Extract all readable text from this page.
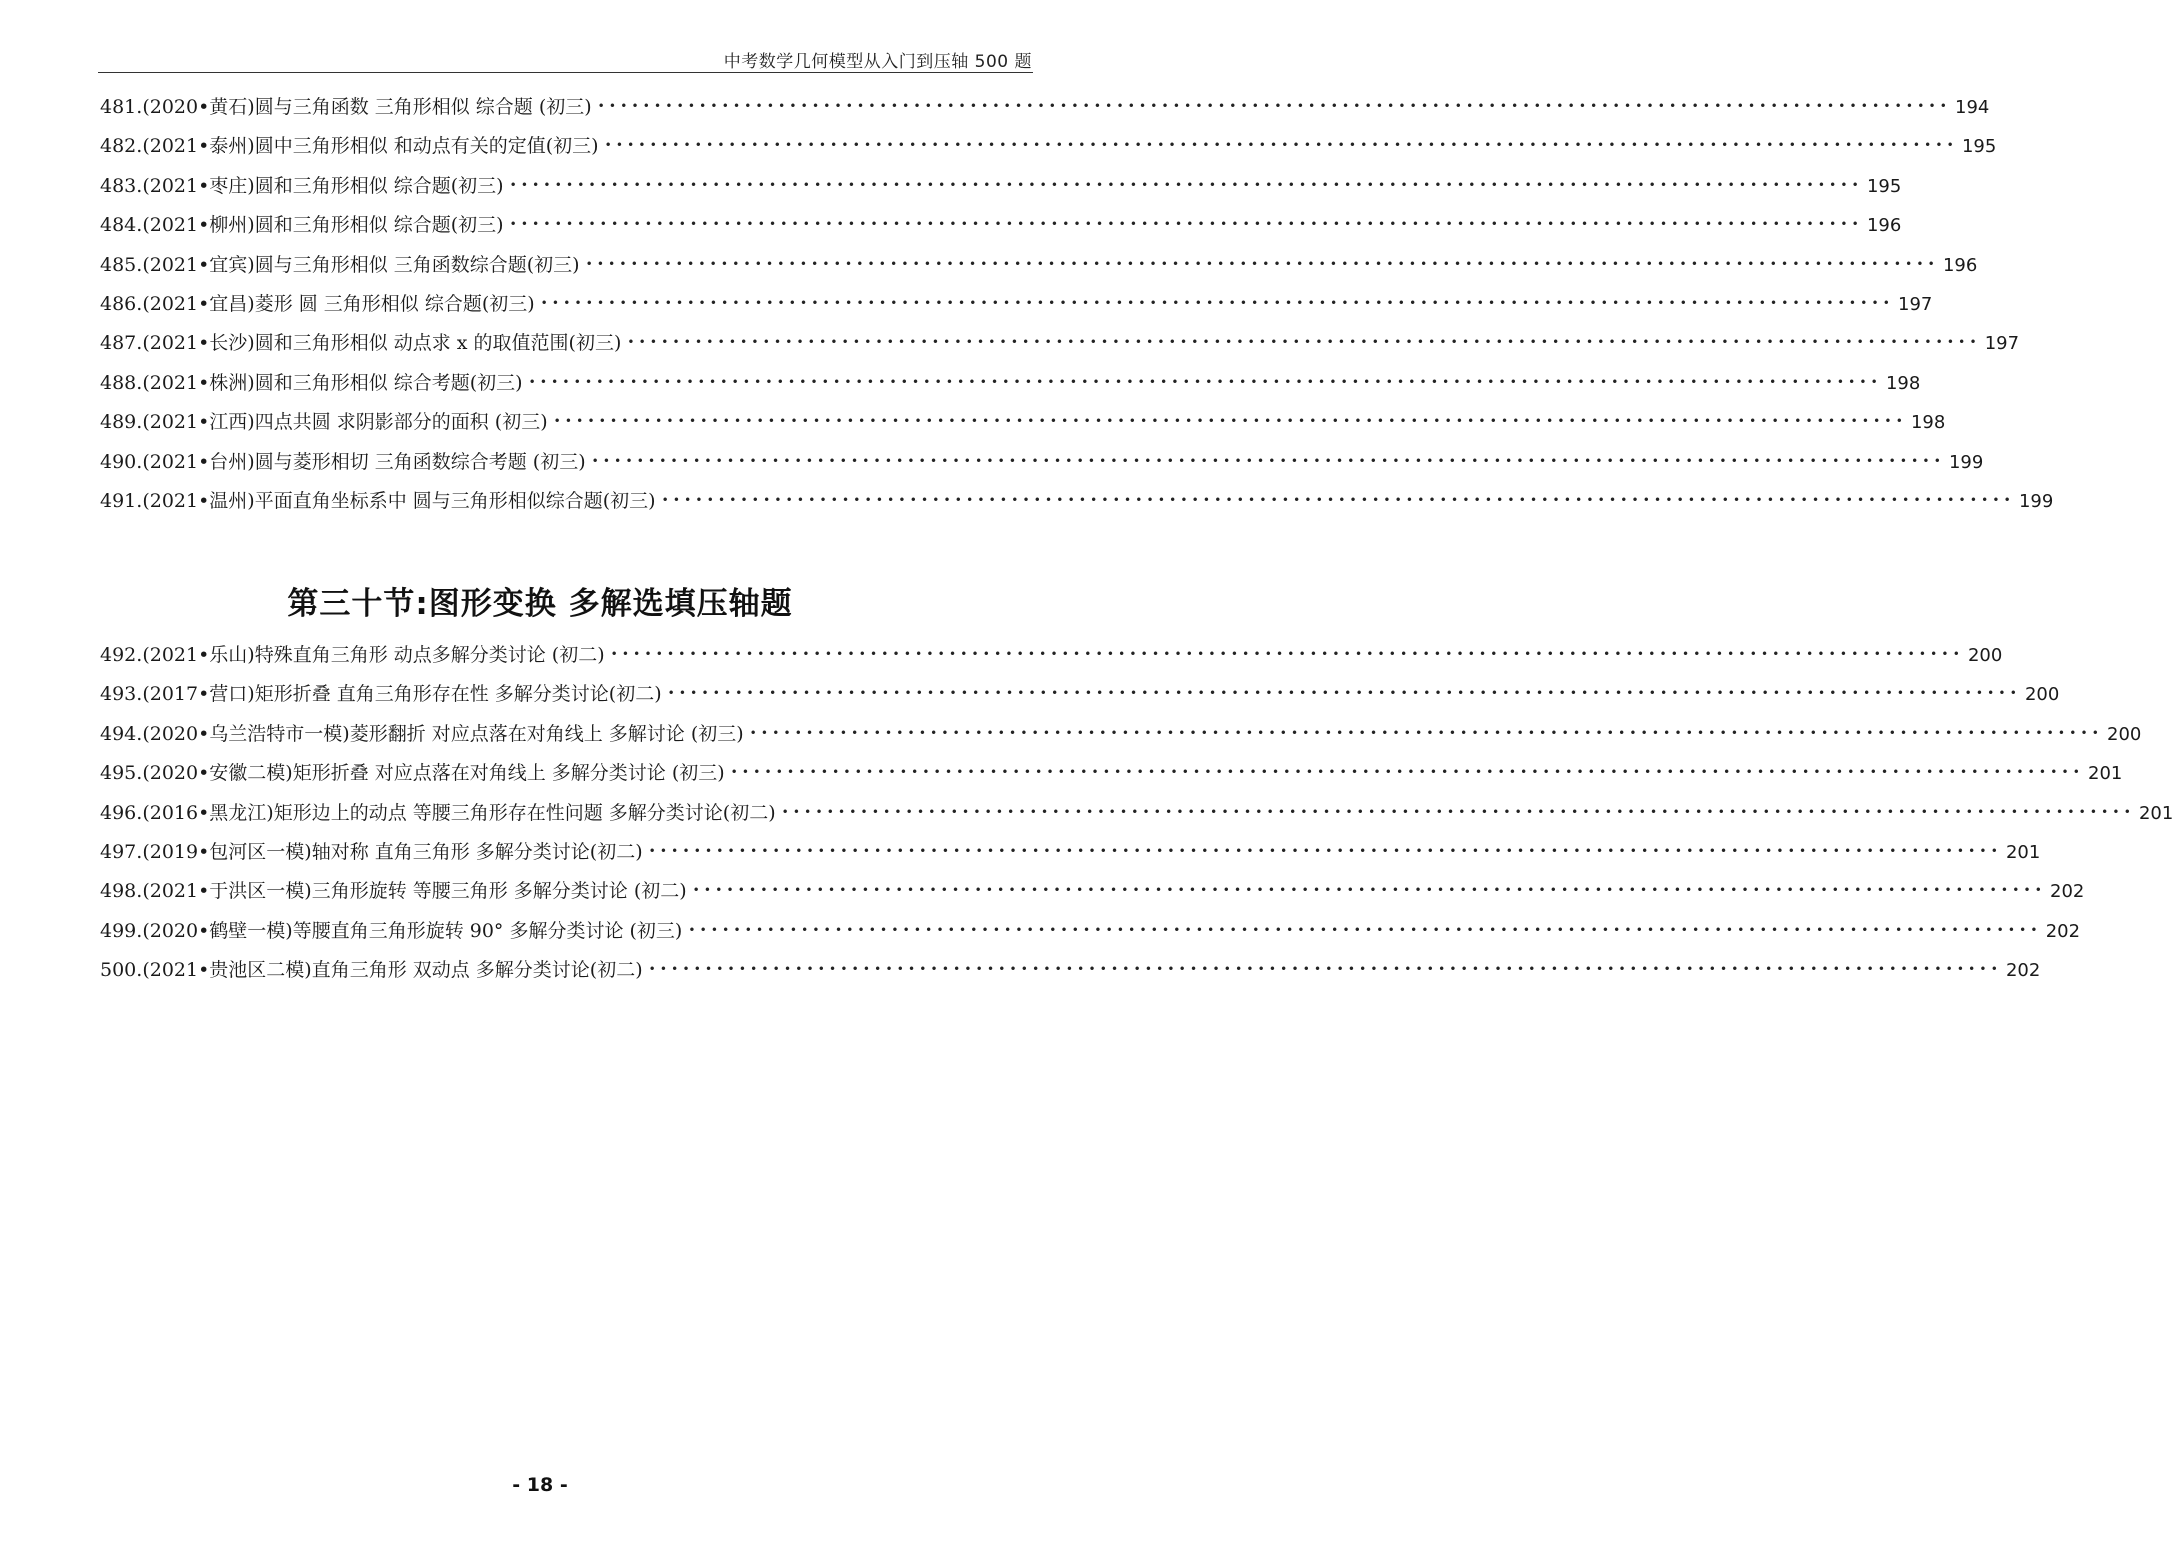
中考数学几何模型从入门到压轴 500 题
481. (2020•黄石)圆与三角函数 三角形相似 综合题 (初三) •••••••••••••••••••••••••••••••••••••••••••••••••••••••••••••••••••••••••••••••••••••••••••••••••••••••••••••••••••••••• 194
482. (2021•泰州)圆中三角形相似 和动点有关的定值(初三) •••••••••••••••••••••••••••••••••••••••••••••••••••••••••••••••••••••••••••••••••••••••••••••••••••••••••••••••••••••••• 195
483. (2021•枣庄)圆和三角形相似 综合题(初三) •••••••••••••••••••••••••••••••••••••••••••••••••••••••••••••••••••••••••••••••••••••••••••••••••••••••••••••••••••••••• 195
484. (2021•柳州)圆和三角形相似 综合题(初三) •••••••••••••••••••••••••••••••••••••••••••••••••••••••••••••••••••••••••••••••••••••••••••••••••••••••••••••••••••••••• 196
485. (2021•宜宾)圆与三角形相似 三角函数综合题(初三) •••••••••••••••••••••••••••••••••••••••••••••••••••••••••••••••••••••••••••••••••••••••••••••••••••••••••••••••••••••••• 196
486. (2021•宜昌)菱形 圆 三角形相似 综合题(初三) •••••••••••••••••••••••••••••••••••••••••••••••••••••••••••••••••••••••••••••••••••••••••••••••••••••••••••••••••••••••• 197
487. (2021•长沙)圆和三角形相似 动点求 x 的取值范围(初三) •••••••••••••••••••••••••••••••••••••••••••••••••••••••••••••••••••••••••••••••••••••••••••••••••••••••••••••••••••••••• 197
488. (2021•株洲)圆和三角形相似 综合考题(初三) •••••••••••••••••••••••••••••••••••••••••••••••••••••••••••••••••••••••••••••••••••••••••••••••••••••••••••••••••••••••• 198
489. (2021•江西)四点共圆 求阴影部分的面积 (初三) •••••••••••••••••••••••••••••••••••••••••••••••••••••••••••••••••••••••••••••••••••••••••••••••••••••••••••••••••••••••• 198
490. (2021•台州)圆与菱形相切 三角函数综合考题 (初三) •••••••••••••••••••••••••••••••••••••••••••••••••••••••••••••••••••••••••••••••••••••••••••••••••••••••••••••••••••••••• 199
491. (2021•温州)平面直角坐标系中 圆与三角形相似综合题(初三) •••••••••••••••••••••••••••••••••••••••••••••••••••••••••••••••••••••••••••••••••••••••••••••••••••••••••••••••••••••••• 199
第三十节:图形变换 多解选填压轴题
492. (2021•乐山)特殊直角三角形 动点多解分类讨论 (初二) •••••••••••••••••••••••••••••••••••••••••••••••••••••••••••••••••••••••••••••••••••••••••••••••••••••••••••••••••••••••• 200
493. (2017•营口)矩形折叠 直角三角形存在性 多解分类讨论(初二) •••••••••••••••••••••••••••••••••••••••••••••••••••••••••••••••••••••••••••••••••••••••••••••••••••••••••••••••••••••••• 200
494. (2020•乌兰浩特市一模)菱形翻折 对应点落在对角线上 多解讨论 (初三) •••••••••••••••••••••••••••••••••••••••••••••••••••••••••••••••••••••••••••••••••••••••••••••••••••••••••••••••••••••••• 200
495. (2020•安徽二模)矩形折叠 对应点落在对角线上 多解分类讨论 (初三) •••••••••••••••••••••••••••••••••••••••••••••••••••••••••••••••••••••••••••••••••••••••••••••••••••••••••••••••••••••••• 201
496. (2016•黑龙江)矩形边上的动点 等腰三角形存在性问题 多解分类讨论(初二) •••••••••••••••••••••••••••••••••••••••••••••••••••••••••••••••••••••••••••••••••••••••••••••••••••••••••••••••••••••••• 201
497. (2019•包河区一模)轴对称 直角三角形 多解分类讨论(初二) •••••••••••••••••••••••••••••••••••••••••••••••••••••••••••••••••••••••••••••••••••••••••••••••••••••••••••••••••••••••• 201
498. (2021•于洪区一模)三角形旋转 等腰三角形 多解分类讨论 (初二) •••••••••••••••••••••••••••••••••••••••••••••••••••••••••••••••••••••••••••••••••••••••••••••••••••••••••••••••••••••••• 202
499. (2020•鹤壁一模)等腰直角三角形旋转 90° 多解分类讨论 (初三) •••••••••••••••••••••••••••••••••••••••••••••••••••••••••••••••••••••••••••••••••••••••••••••••••••••••••••••••••••••••• 202
500. (2021•贵池区二模)直角三角形 双动点 多解分类讨论(初二) •••••••••••••••••••••••••••••••••••••••••••••••••••••••••••••••••••••••••••••••••••••••••••••••••••••••••••••••••••••••• 202
- 18 -
